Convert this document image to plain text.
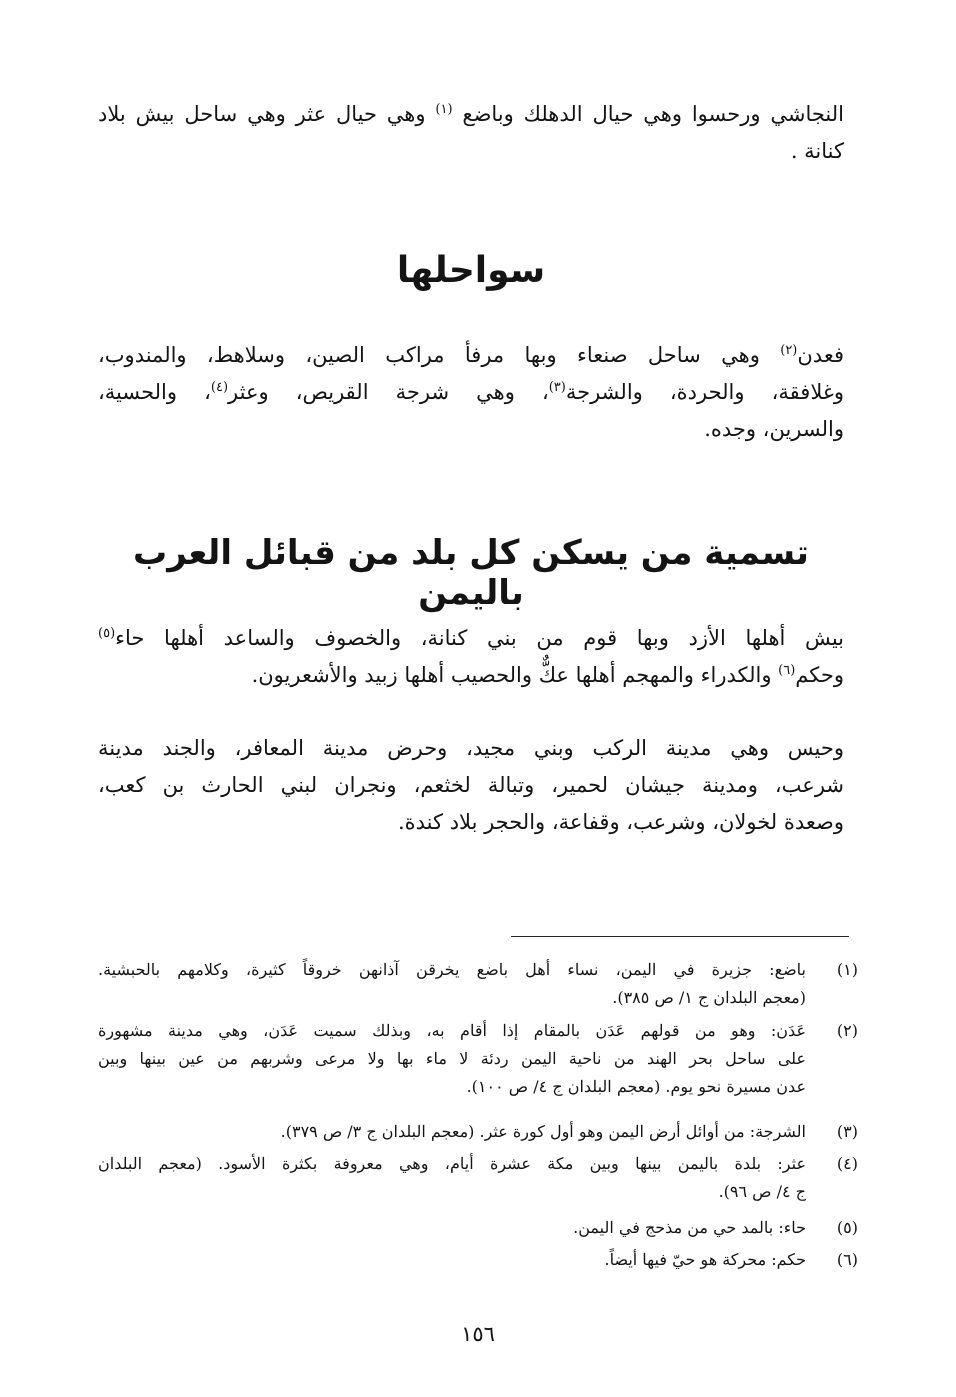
النجاشي ورحسوا وهي حيال الدهلك وباضع $^{(١)}$ وهي حيال عثر وهي ساحل بيش بلاد
كنانة .

سواحلها

فعدن$^{(٢)}$ وهي ساحل صنعاء وبها مرفأ مراكب الصين، وسلاهط، والمندوب،
وغلافقة، والحردة، والشرجة$^{(٣)}$، وهي شرجة القريص، وعثر$^{(٤)}$، والحسية،
والسرين، وجده.

تسمية من يسكن كل بلد من قبائل العرب باليمن

بيش أهلها الأزد وبها قوم من بني كنانة، والخصوف والساعد أهلها حاء$^{(٥)}$
وحكم$^{(٦)}$ والكدراء والمهجم أهلها عكٌّ والحصيب أهلها زبيد والأشعريون.

وحيس وهي مدينة الركب وبني مجيد، وحرض مدينة المعافر، والجند مدينة
شرعب، ومدينة جيشان لحمير، وتبالة لخثعم، ونجران لبني الحارث بن كعب،
وصعدة لخولان، وشرعب، وقفاعة، والحجر بلاد كندة.

(١)
باضع: جزيرة في اليمن، نساء أهل باضع يخرقن آذانهن خروقاً كثيرة، وكلامهم بالحبشية.
(معجم البلدان ج ١/ ص ٣٨٥).
(٢)
عَدَن: وهو من قولهم عَدَن بالمقام إذا أقام به، وبذلك سميت عَدَن، وهي مدينة مشهورة
على ساحل بحر الهند من ناحية اليمن ردئة لا ماء بها ولا مرعى وشربهم من عين بينها وبين
عدن مسيرة نحو يوم. (معجم البلدان ج ٤/ ص ١٠٠).
(٣)
الشرجة: من أوائل أرض اليمن وهو أول كورة عثر. (معجم البلدان ج ٣/ ص ٣٧٩).
(٤)
عثر: بلدة باليمن بينها وبين مكة عشرة أيام، وهي معروفة بكثرة الأسود. (معجم البلدان
ج ٤/ ص ٩٦).
(٥)
حاء: بالمد حي من مذحج في اليمن.
(٦)
حكم: محركة هو حيّ فيها أيضاً.
١٥٦
